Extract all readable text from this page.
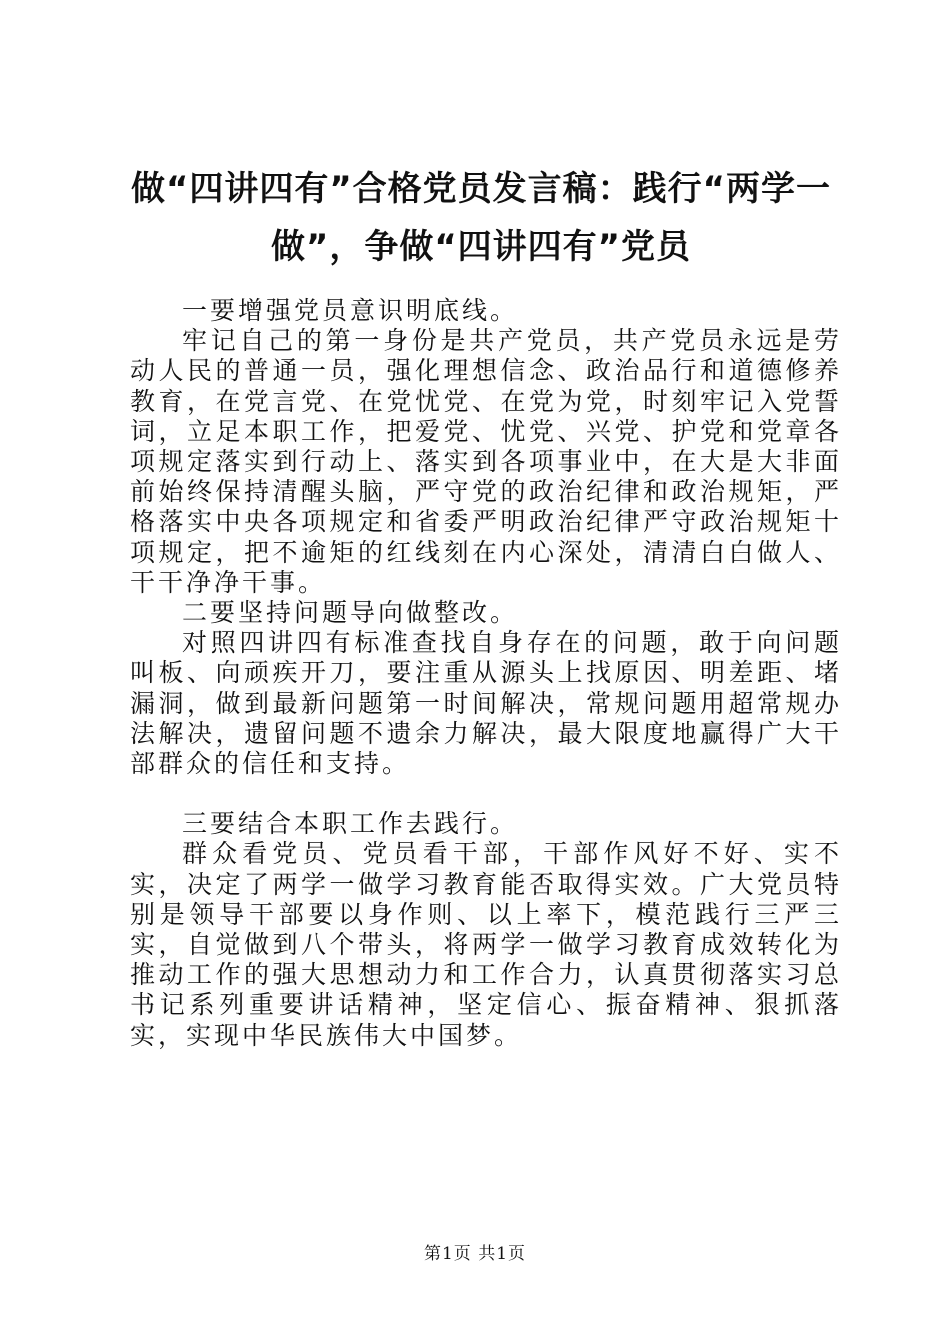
做“四讲四有”合格党员发言稿：践行“两学一做”，争做“四讲四有”党员

一要增强党员意识明底线。

牢记自己的第一身份是共产党员，共产党员永远是劳动人民的普通一员，强化理想信念、政治品行和道德修养教育，在党言党、在党忧党、在党为党，时刻牢记入党誓词，立足本职工作，把爱党、忧党、兴党、护党和党章各项规定落实到行动上、落实到各项事业中，在大是大非面前始终保持清醒头脑，严守党的政治纪律和政治规矩，严格落实中央各项规定和省委严明政治纪律严守政治规矩十项规定，把不逾矩的红线刻在内心深处，清清白白做人、干干净净干事。

二要坚持问题导向做整改。

对照四讲四有标准查找自身存在的问题，敢于向问题叫板、向顽疾开刀，要注重从源头上找原因、明差距、堵漏洞，做到最新问题第一时间解决，常规问题用超常规办法解决，遗留问题不遗余力解决，最大限度地赢得广大干部群众的信任和支持。

三要结合本职工作去践行。

群众看党员、党员看干部，干部作风好不好、实不实，决定了两学一做学习教育能否取得实效。广大党员特别是领导干部要以身作则、以上率下，模范践行三严三实，自觉做到八个带头，将两学一做学习教育成效转化为推动工作的强大思想动力和工作合力，认真贯彻落实习总书记系列重要讲话精神，坚定信心、振奋精神、狠抓落实，实现中华民族伟大中国梦。

第1页 共1页
